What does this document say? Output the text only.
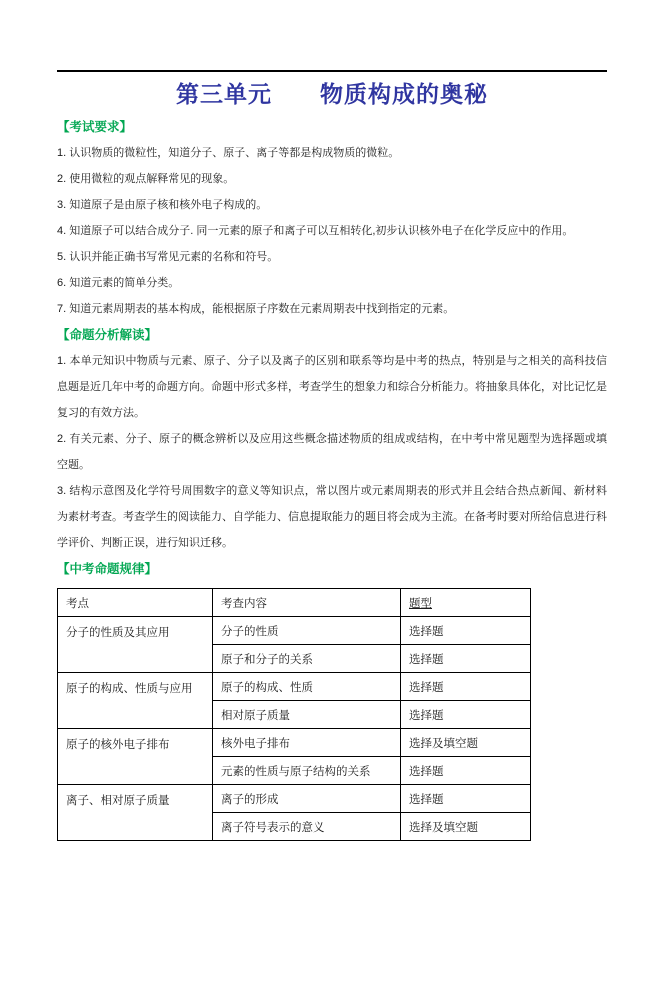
第三单元　　物质构成的奥秘
【考试要求】

1. 认识物质的微粒性，知道分子、原子、离子等都是构成物质的微粒。

2. 使用微粒的观点解释常见的现象。

3. 知道原子是由原子核和核外电子构成的。

4. 知道原子可以结合成分子. 同一元素的原子和离子可以互相转化,初步认识核外电子在化学反应中的作用。

5. 认识并能正确书写常见元素的名称和符号。

6. 知道元素的简单分类。

7. 知道元素周期表的基本构成，能根据原子序数在元素周期表中找到指定的元素。

【命题分析解读】

1. 本单元知识中物质与元素、原子、分子以及离子的区别和联系等均是中考的热点，特别是与之相关的高科技信息题是近几年中考的命题方向。命题中形式多样，考查学生的想象力和综合分析能力。将抽象具体化，对比记忆是复习的有效方法。

2. 有关元素、分子、原子的概念辨析以及应用这些概念描述物质的组成或结构，在中考中常见题型为选择题或填空题。

3. 结构示意图及化学符号周围数字的意义等知识点，常以图片或元素周期表的形式并且会结合热点新闻、新材料为素材考查。考查学生的阅读能力、自学能力、信息提取能力的题目将会成为主流。在备考时要对所给信息进行科学评价、判断正误，进行知识迁移。

【中考命题规律】
考点	考查内容	题型
分子的性质及其应用	分子的性质	选择题
	原子和分子的关系	选择题
原子的构成、性质与应用	原子的构成、性质	选择题
	相对原子质量	选择题
原子的核外电子排布	核外电子排布	选择及填空题
	元素的性质与原子结构的关系	选择题
离子、相对原子质量	离子的形成	选择题
	离子符号表示的意义	选择及填空题
